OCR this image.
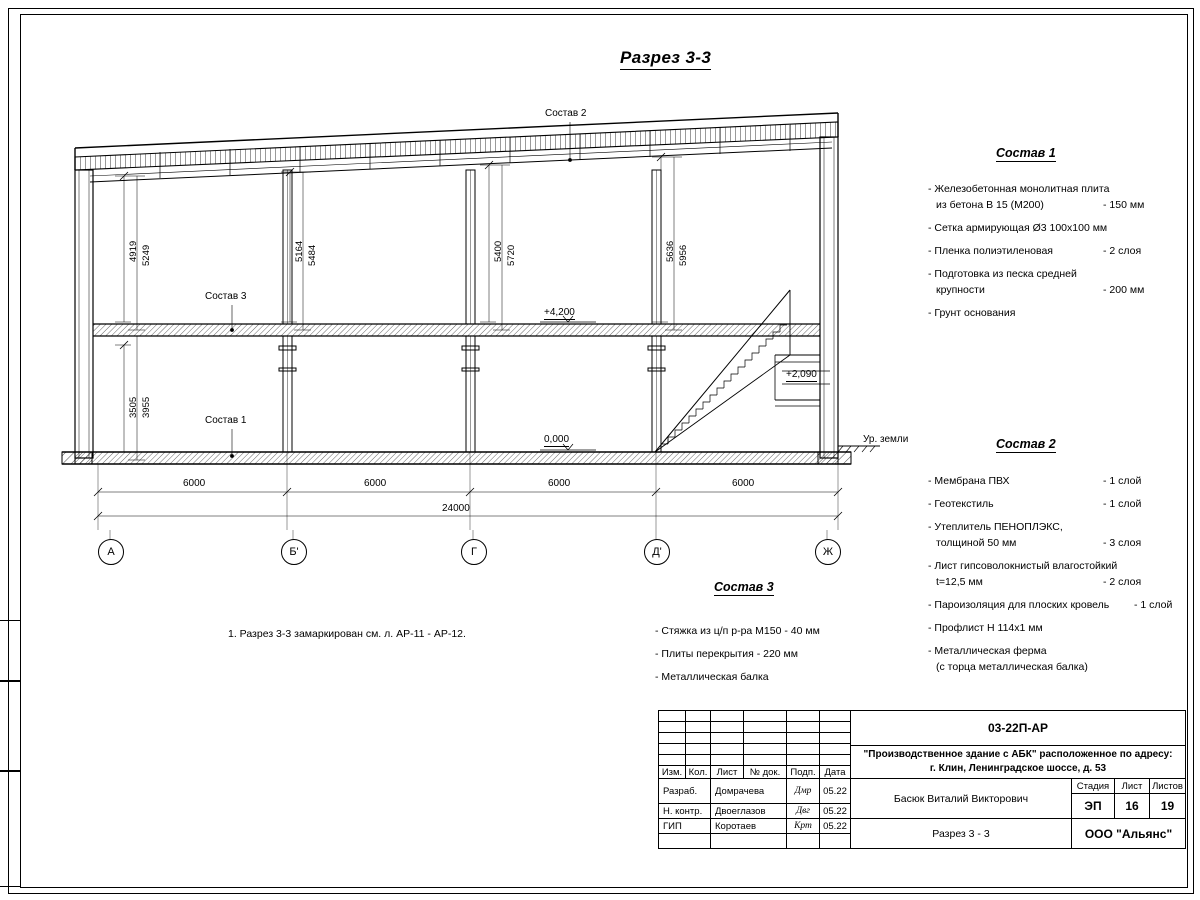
Разрез 3-3
4919 5249	5164 5484	5400 5720	5636 5956
3505 3955
6000	6000	6000	6000
24000
А	Б'	Г	Д'	Ж
+4,200
+2,090
0,000	Ур. земли
Состав 2
Состав 3
Состав 1
1. Разрез 3-3 замаркирован см. л. АР-11 - АР-12.
Состав 1
- Железобетонная монолитная плита
из бетона В 15 (М200)	- 150 мм
- Сетка армирующая Ø3 100х100 мм
- Пленка полиэтиленовая	- 2 слоя
- Подготовка из песка средней
крупности	- 200 мм
- Грунт основания
Состав 2
- Мембрана ПВХ	- 1 слой
- Геотекстиль	- 1 слой
- Утеплитель ПЕНОПЛЭКС,
толщиной 50 мм	- 3 слоя
- Лист гипсоволокнистый влагостойкий
t=12,5 мм	- 2 слоя
- Пароизоляция для плоских кровель - 1 слой
- Профлист Н 114х1 мм
- Металлическая ферма
(с торца металлическая балка)
Состав 3
- Стяжка из ц/п р-ра М150 - 40 мм
- Плиты перекрытия - 220 мм
- Металлическая балка
Изм. Кол. Лист	№ док.	Подп. Дата
Разраб.	Домрачева	Дмр	05.22
Н. контр.	Двоеглазов	Двг	05.22
ГИП	Коротаев	Крт	05.22
03-22П-АР
"Производственное здание с АБК" расположенное по адресу:
г. Клин, Ленинградское шоссе, д. 53
Басюк Виталий Викторович
Стадия	Лист	Листов
ЭП	16	19
Разрез 3 - 3	ООО "Альянс"
